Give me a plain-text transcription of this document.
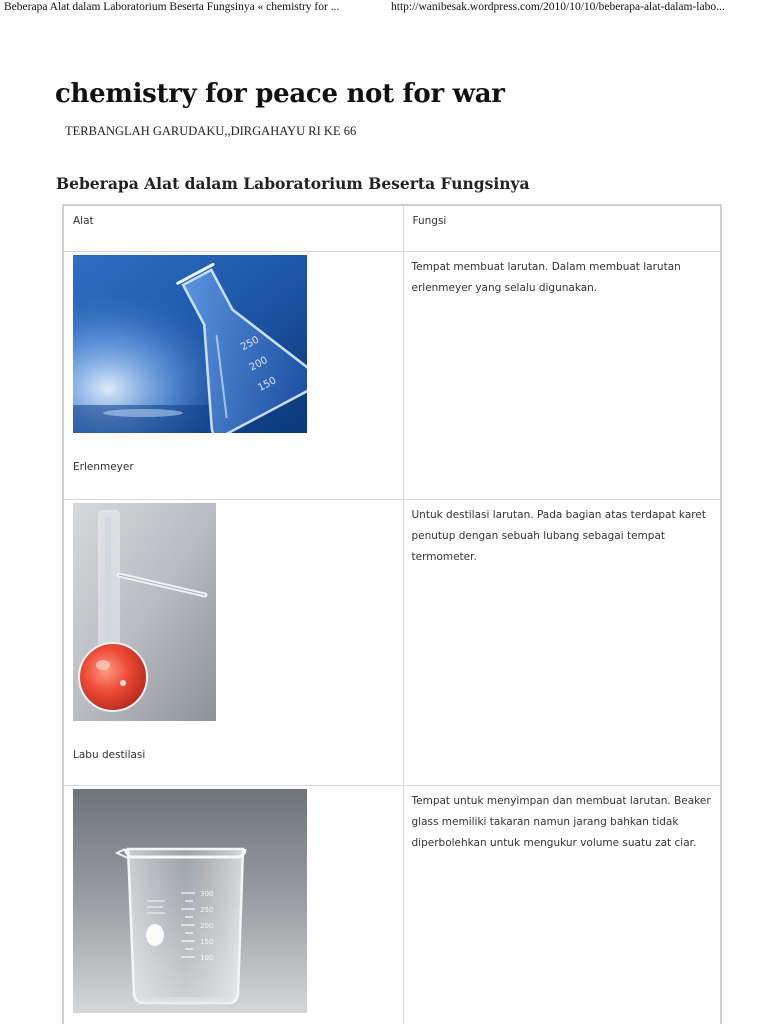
Beberapa Alat dalam Laboratorium Beserta Fungsinya « chemistry for ...	http://wanibesak.wordpress.com/2010/10/10/beberapa-alat-dalam-labo...
chemistry for peace not for war
TERBANGLAH GARUDAKU,,DIRGAHAYU RI KE 66
Beberapa Alat dalam Laboratorium Beserta Fungsinya
Alat	Fungsi

250
200
150
Erlenmeyer	Tempat membuat larutan. Dalam membuat larutan erlenmeyer yang selalu digunakan.

Labu destilasi	Untuk destilasi larutan. Pada bagian atas terdapat karet penutup dengan sebuah lubang sebagai tempat termometer.

300
250
200
150
100	Tempat untuk menyimpan dan membuat larutan. Beaker glass memiliki takaran namun jarang bahkan tidak diperbolehkan untuk mengukur volume suatu zat ciar.
